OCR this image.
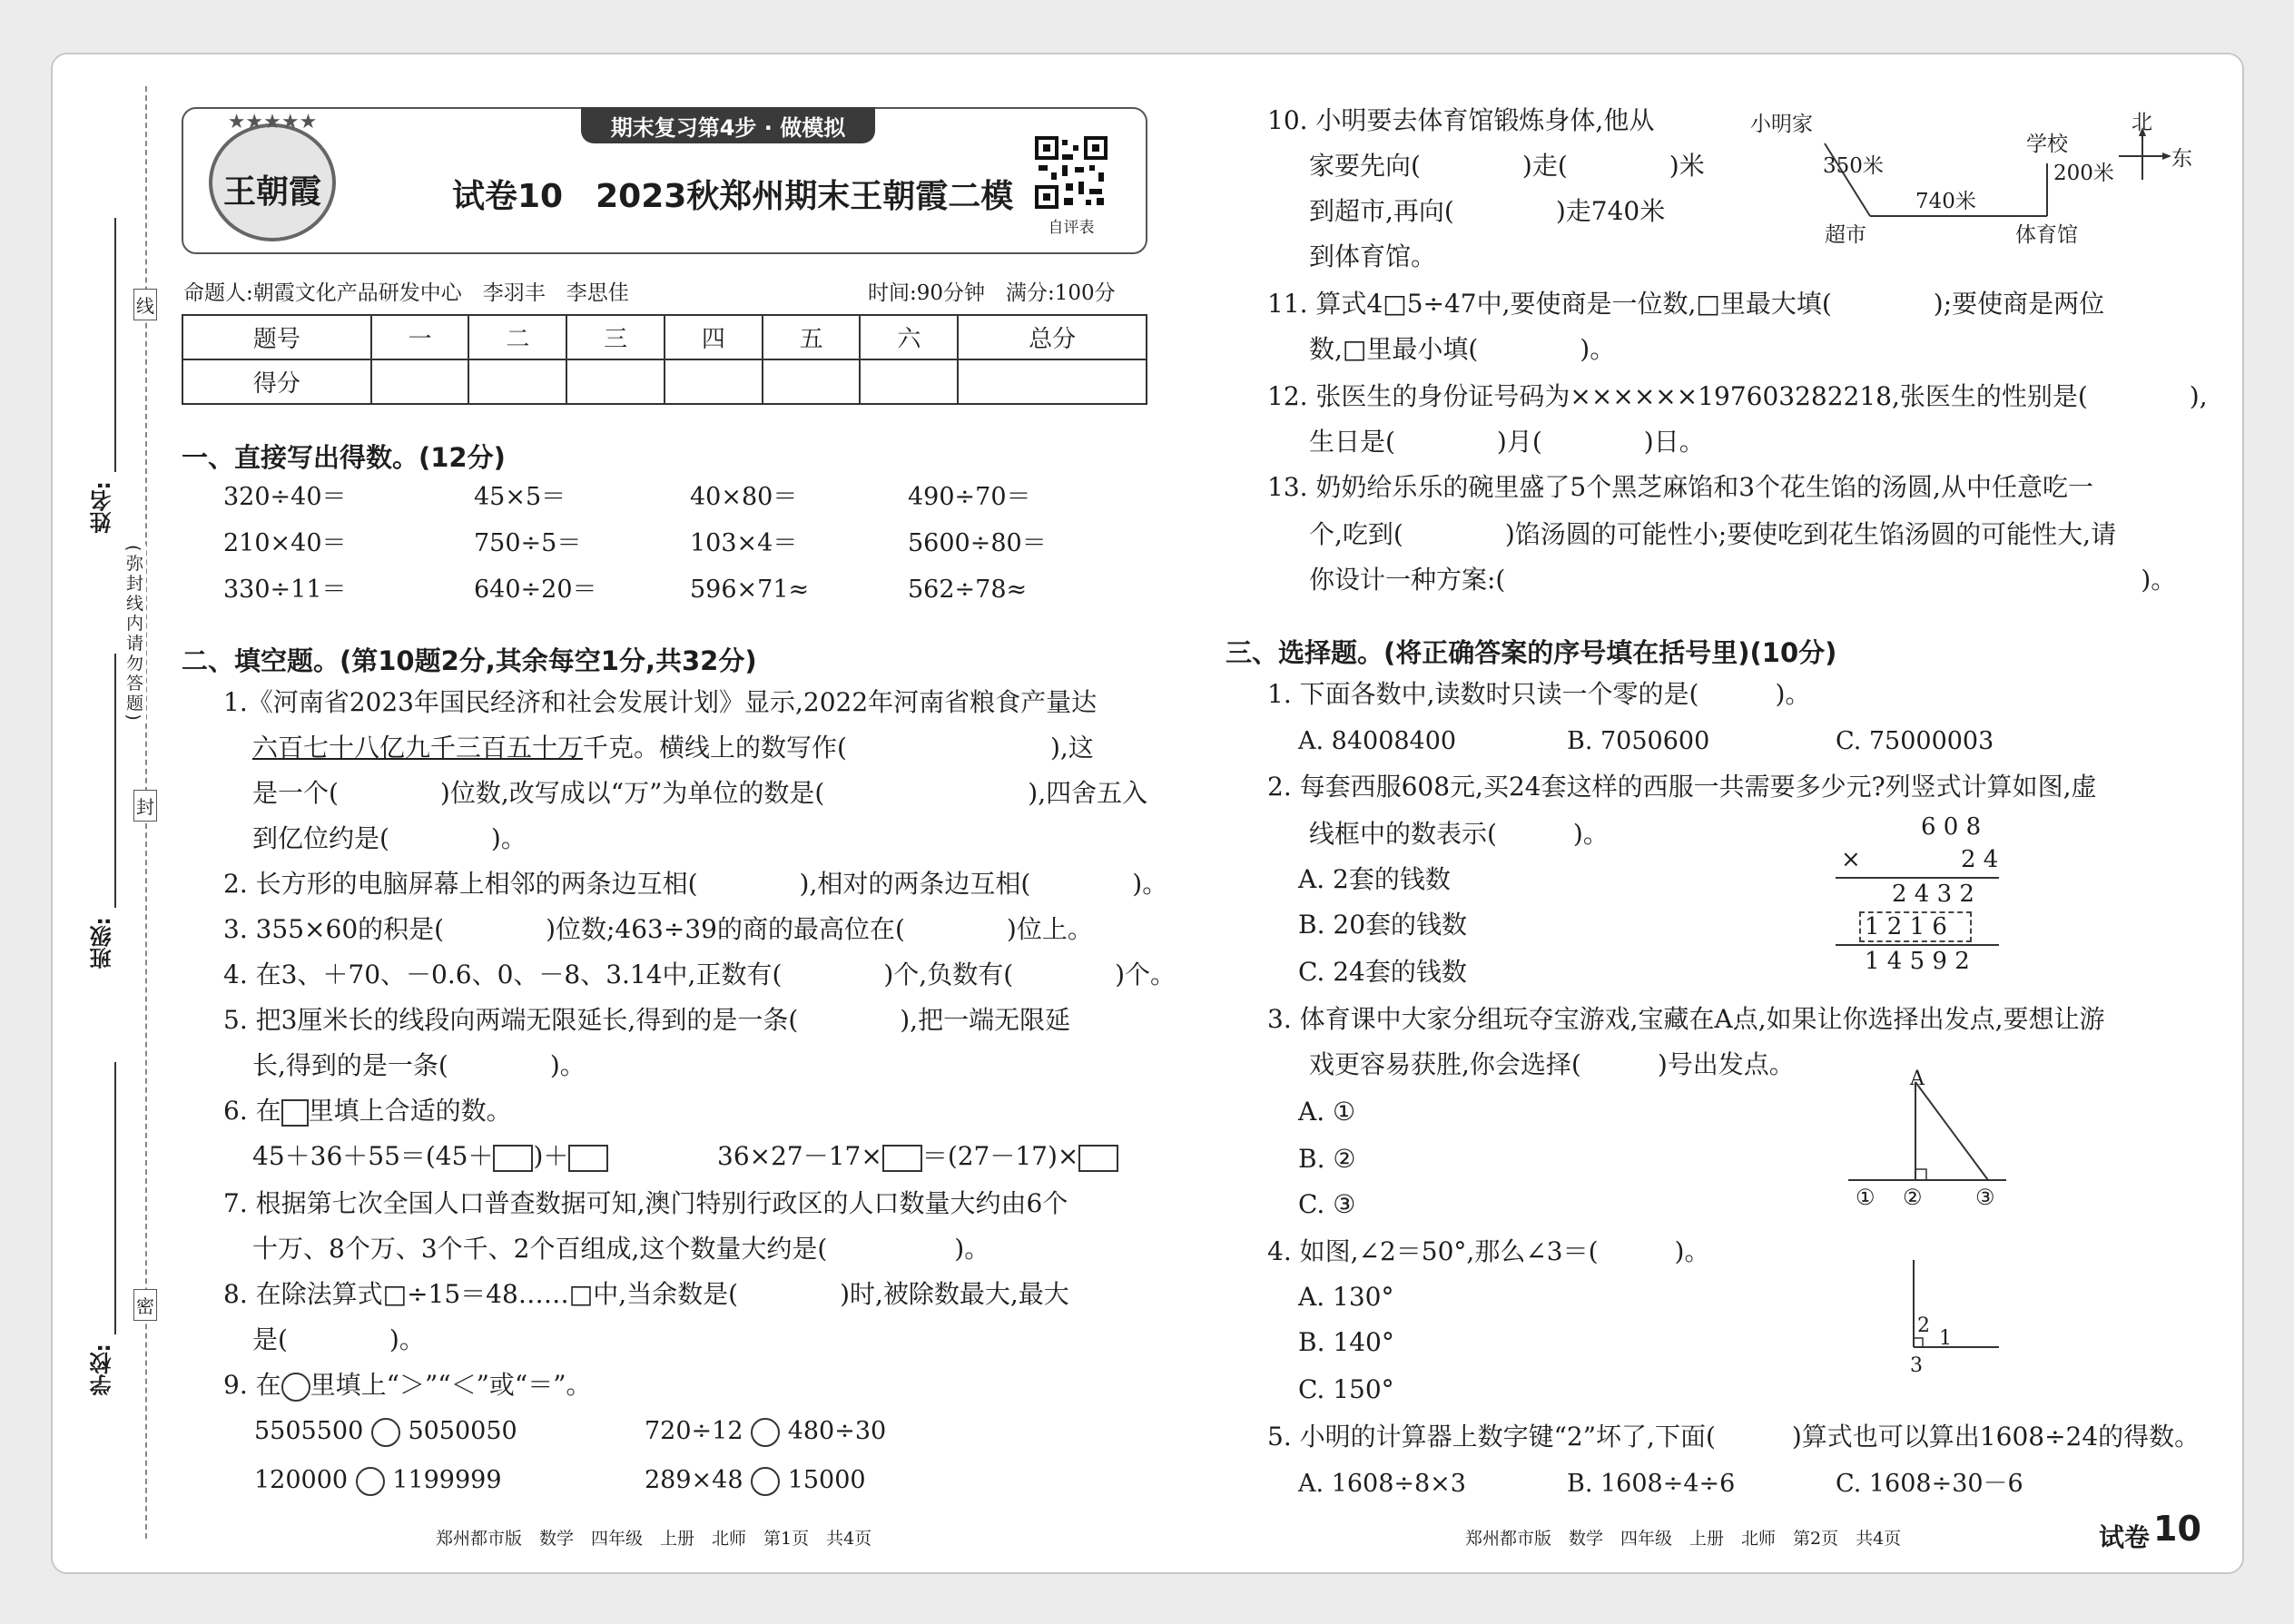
姓名:
班级:
学校:
线
封
密
(弥封线内请勿答题)
期末复习第4步 · 做模拟
★★★★★
王朝霞	试卷10　2023秋郑州期末王朝霞二模
自评表
命题人:朝霞文化产品研发中心　李羽丰　李思佳	时间:90分钟　满分:100分
题号	一	二	三	四	五	六	总分
得分							
一、直接写出得数。(12分)
320÷40＝	45×5＝	40×80＝	490÷70＝
210×40＝	750÷5＝	103×4＝	5600÷80＝
330÷11＝	640÷20＝	596×71≈	562÷78≈
二、填空题。(第10题2分,其余每空1分,共32分)
1.《河南省2023年国民经济和社会发展计划》显示,2022年河南省粮食产量达
六百七十八亿九千三百五十万千克。横线上的数写作(　　　　　　　　),这
是一个(　　　　)位数,改写成以“万”为单位的数是(　　　　　　　　),四舍五入
到亿位约是(　　　　)。
2. 长方形的电脑屏幕上相邻的两条边互相(　　　　),相对的两条边互相(　　　　)。
3. 355×60的积是(　　　　)位数;463÷39的商的最高位在(　　　　)位上。
4. 在3、＋70、－0.6、0、－8、3.14中,正数有(　　　　)个,负数有(　　　　)个。
5. 把3厘米长的线段向两端无限延长,得到的是一条(　　　　),把一端无限延
长,得到的是一条(　　　　)。
6. 在 里填上合适的数。
45＋36＋55＝(45＋ )＋	36×27－17× ＝(27－17)×
7. 根据第七次全国人口普查数据可知,澳门特别行政区的人口数量大约由6个
十万、8个万、3个千、2个百组成,这个数量大约是(　　　　　)。
8. 在除法算式□÷15＝48……□中,当余数是(　　　　)时,被除数最大,最大
是(　　　　)。
9. 在 里填上“＞”“＜”或“＝”。
5505500 5050050	720÷12 480÷30
120000 1199999	289×48 15000
郑州都市版　数学　四年级　上册　北师　第1页　共4页
10. 小明要去体育馆锻炼身体,他从
家要先向(　　　　)走(　　　　)米
到超市,再向(　　　　)走740米
到体育馆。
小明家
350米
学校
北
东
200米
740米
超市	体育馆
11. 算式4□5÷47中,要使商是一位数,□里最大填(　　　　);要使商是两位
数,□里最小填(　　　　)。
12. 张医生的身份证号码为××××××197603282218,张医生的性别是(　　　　),
生日是(　　　　)月(　　　　)日。
13. 奶奶给乐乐的碗里盛了5个黑芝麻馅和3个花生馅的汤圆,从中任意吃一
个,吃到(　　　　)馅汤圆的可能性小;要使吃到花生馅汤圆的可能性大,请
你设计一种方案:(　　　　　　　　　　　　　　　　　　　　　　　　　)。
三、选择题。(将正确答案的序号填在括号里)(10分)
1. 下面各数中,读数时只读一个零的是(　　　)。
A. 84008400	B. 7050600	C. 75000003
2. 每套西服608元,买24套这样的西服一共需要多少元?列竖式计算如图,虚
线框中的数表示(　　　)。
A. 2套的钱数
B. 20套的钱数
C. 24套的钱数
6 0 8
×	2 4
2 4 3 2
1 2 1 6
1 4 5 9 2
3. 体育课中大家分组玩夺宝游戏,宝藏在A点,如果让你选择出发点,要想让游
戏更容易获胜,你会选择(　　　)号出发点。
A. ①
B. ②
C. ③
A
① ② ③
4. 如图,∠2＝50°,那么∠3＝(　　　)。
A. 130°
B. 140°
C. 150°
2
1
3
5. 小明的计算器上数字键“2”坏了,下面(　　　)算式也可以算出1608÷24的得数。
A. 1608÷8×3	B. 1608÷4÷6	C. 1608÷30－6
郑州都市版　数学　四年级　上册　北师　第2页　共4页	试卷 10
